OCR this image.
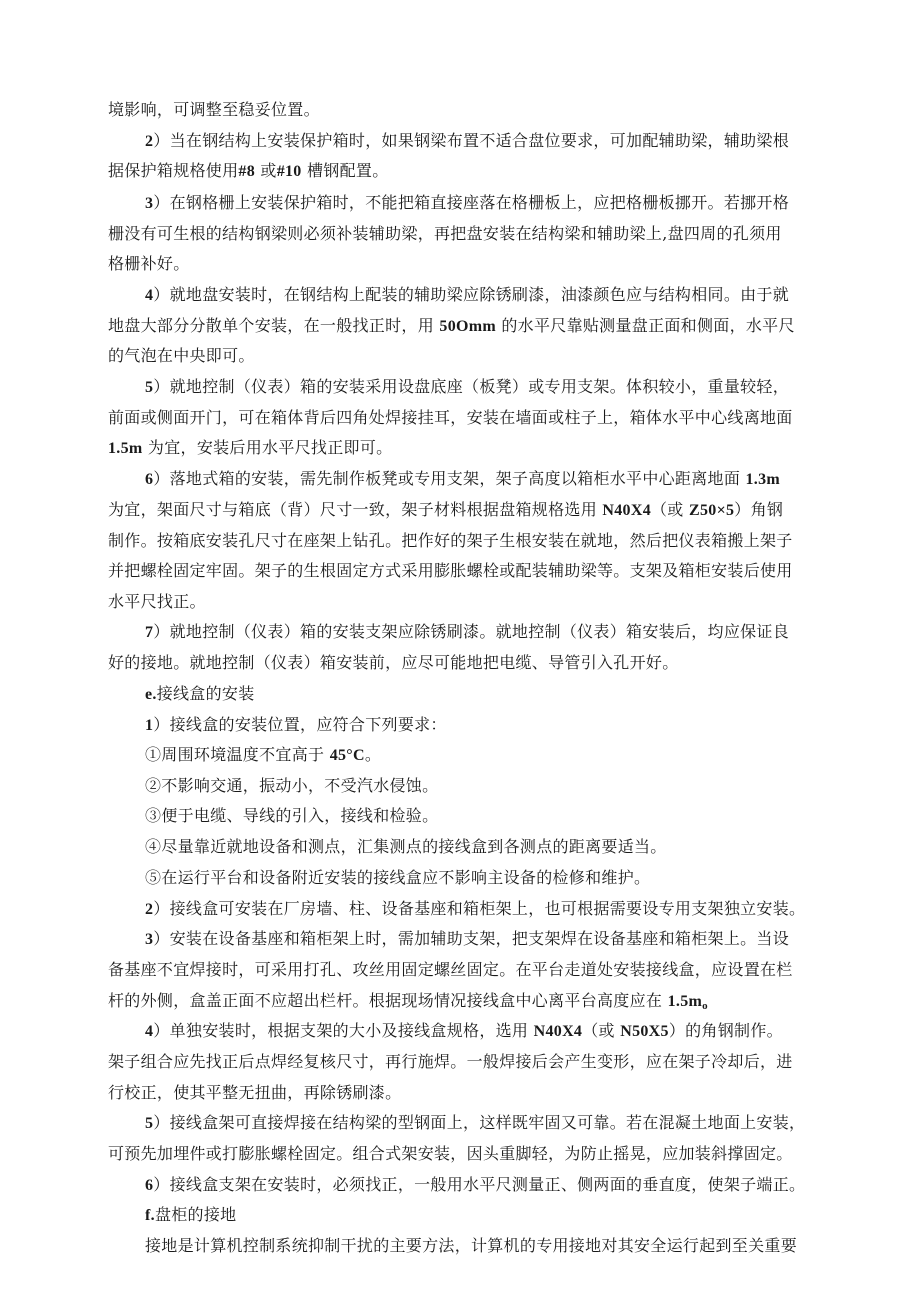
境影响，可调整至稳妥位置。
2）当在钢结构上安装保护箱时，如果钢梁布置不适合盘位要求，可加配辅助梁，辅助梁根
据保护箱规格使用#8 或#10 槽钢配置。
3）在钢格栅上安装保护箱时，不能把箱直接座落在格栅板上，应把格栅板挪开。若挪开格
栅没有可生根的结构钢梁则必须补装辅助梁，再把盘安装在结构梁和辅助梁上,盘四周的孔须用
格栅补好。
4）就地盘安装时，在钢结构上配装的辅助梁应除锈刷漆，油漆颜色应与结构相同。由于就
地盘大部分分散单个安装，在一般找正时，用 50Omm 的水平尺靠贴测量盘正面和侧面，水平尺
的气泡在中央即可。
5）就地控制（仪表）箱的安装采用设盘底座（板凳）或专用支架。体积较小，重量较轻，
前面或侧面开门，可在箱体背后四角处焊接挂耳，安装在墙面或柱子上，箱体水平中心线离地面
1.5m 为宜，安装后用水平尺找正即可。
6）落地式箱的安装，需先制作板凳或专用支架，架子高度以箱柜水平中心距离地面 1.3m
为宜，架面尺寸与箱底（背）尺寸一致，架子材料根据盘箱规格选用 N40X4（或 Z50×5）角钢
制作。按箱底安装孔尺寸在座架上钻孔。把作好的架子生根安装在就地，然后把仪表箱搬上架子
并把螺栓固定牢固。架子的生根固定方式采用膨胀螺栓或配装辅助梁等。支架及箱柜安装后使用
水平尺找正。
7）就地控制（仪表）箱的安装支架应除锈刷漆。就地控制（仪表）箱安装后，均应保证良
好的接地。就地控制（仪表）箱安装前，应尽可能地把电缆、导管引入孔开好。
e.接线盒的安装
1）接线盒的安装位置，应符合下列要求：
①周围环境温度不宜高于 45°C。
②不影响交通，振动小，不受汽水侵蚀。
③便于电缆、导线的引入，接线和检验。
④尽量靠近就地设备和测点，汇集测点的接线盒到各测点的距离要适当。
⑤在运行平台和设备附近安装的接线盒应不影响主设备的检修和维护。
2）接线盒可安装在厂房墙、柱、设备基座和箱柜架上，也可根据需要设专用支架独立安装。
3）安装在设备基座和箱柜架上时，需加辅助支架，把支架焊在设备基座和箱柜架上。当设
备基座不宜焊接时，可采用打孔、攻丝用固定螺丝固定。在平台走道处安装接线盒，应设置在栏
杆的外侧，盒盖正面不应超出栏杆。根据现场情况接线盒中心离平台高度应在 1.5mo
4）单独安装时，根据支架的大小及接线盒规格，选用 N40X4（或 N50X5）的角钢制作。
架子组合应先找正后点焊经复核尺寸，再行施焊。一般焊接后会产生变形，应在架子冷却后，进
行校正，使其平整无扭曲，再除锈刷漆。
5）接线盒架可直接焊接在结构梁的型钢面上，这样既牢固又可靠。若在混凝土地面上安装，
可预先加埋件或打膨胀螺栓固定。组合式架安装，因头重脚轻，为防止摇晃，应加装斜撑固定。
6）接线盒支架在安装时，必须找正，一般用水平尺测量正、侧两面的垂直度，使架子端正。
f.盘柜的接地
接地是计算机控制系统抑制干扰的主要方法，计算机的专用接地对其安全运行起到至关重要
